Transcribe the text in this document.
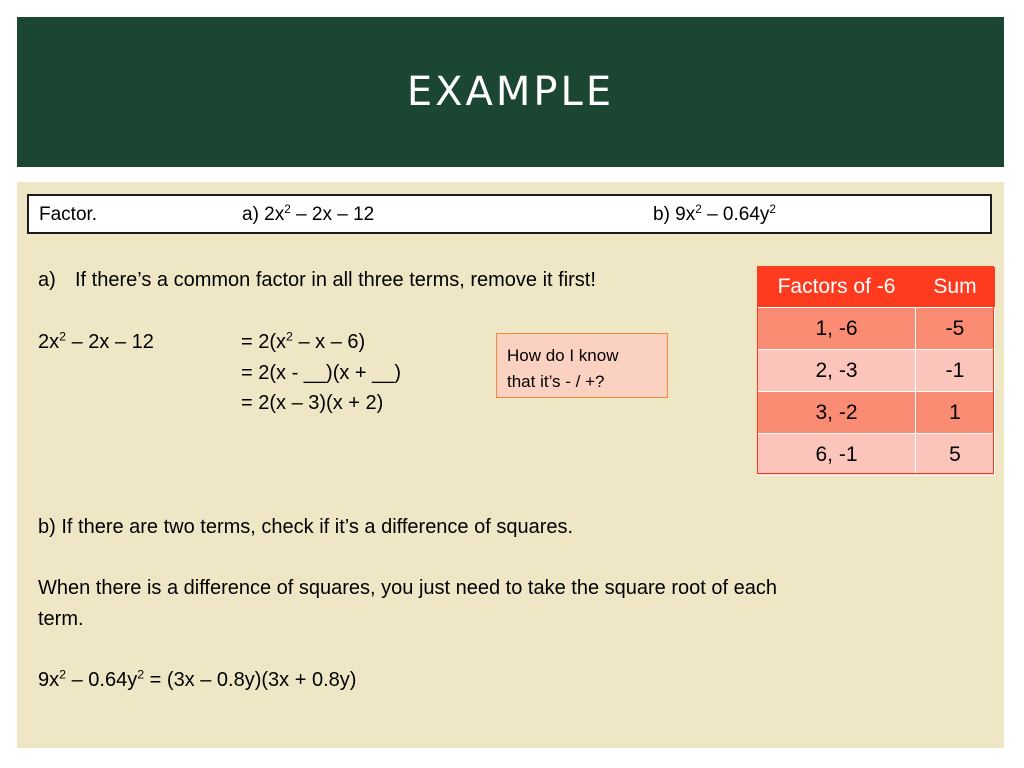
EXAMPLE
Factor.	a) $2x^2 - 2x - 12$	b) $9x^2 - 0.64y^2$
a) If there’s a common factor in all three terms, remove it first!
$2x^2 - 2x - 12$	= $2(x^2$ – x – 6)
= 2(x - __)(x + __)
= 2(x – 3)(x + 2)
How do I know
that it’s - / +?
Factors of -6	Sum
1, -6	-5
2, -3	-1
3, -2	1
6, -1	5
b) If there are two terms, check if it’s a difference of squares.
When there is a difference of squares, you just need to take the square root of each
term.
$9x^2 - 0.64y^2 = (3x - 0.8y)(3x + 0.8y)$
